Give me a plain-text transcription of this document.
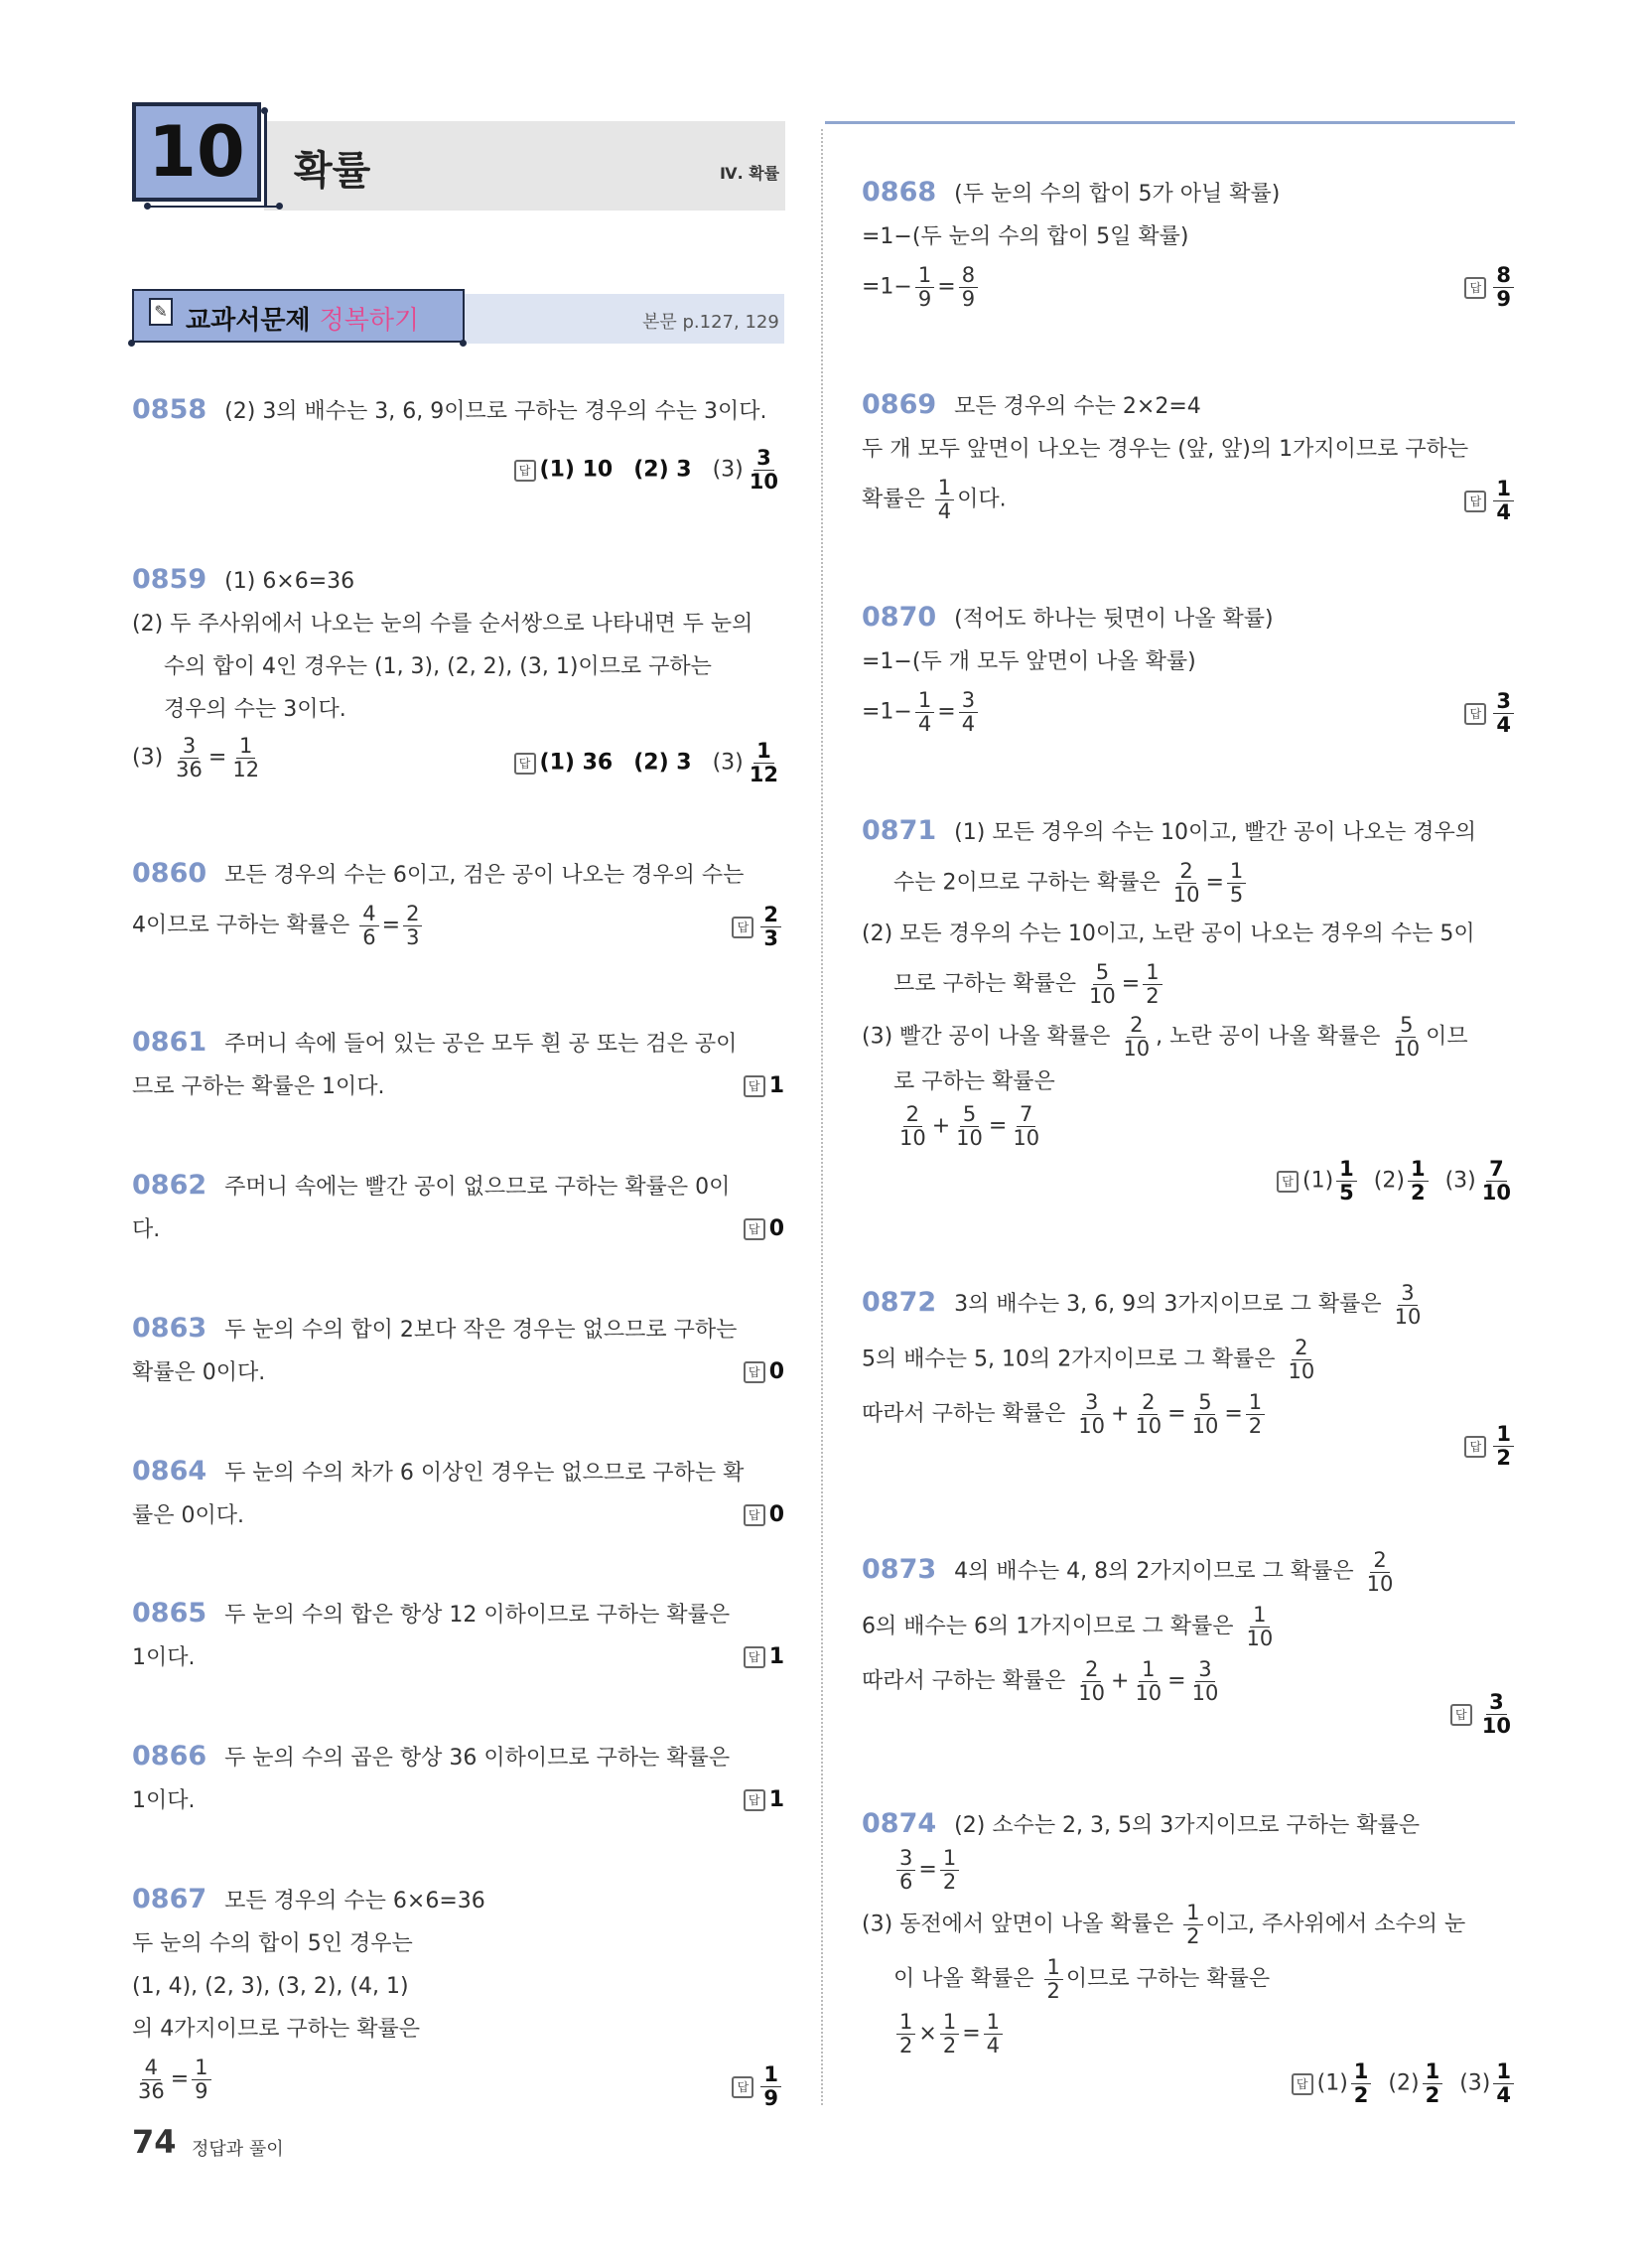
10	확률	Ⅳ. 확률
✎ 교과서문제 정복하기	본문 p.127, 129
0858 (2) 3의 배수는 3, 6, 9이므로 구하는 경우의 수는 3이다.
답 (1) 10 (2) 3 $(3) \frac{3}{10}$
0859 (1) 6×6=36
(2) 두 주사위에서 나오는 눈의 수를 순서쌍으로 나타내면 두 눈의
수의 합이 4인 경우는 (1, 3), (2, 2), (3, 1)이므로 구하는
경우의 수는 3이다.
$(3) \frac{3}{36} = \frac{1}{12}$	답 (1) 36 (2) 3 $(3) \frac{1}{12}$
0860 모든 경우의 수는 6이고, 검은 공이 나오는 경우의 수는
4이므로 구하는 확률은 $\frac{4}{6} = \frac{2}{3}$	답 $\frac{2}{3}$
0861 주머니 속에 들어 있는 공은 모두 흰 공 또는 검은 공이
므로 구하는 확률은 1이다.	답 1
0862 주머니 속에는 빨간 공이 없으므로 구하는 확률은 0이
다.	답 0
0863 두 눈의 수의 합이 2보다 작은 경우는 없으므로 구하는
확률은 0이다.	답 0
0864 두 눈의 수의 차가 6 이상인 경우는 없으므로 구하는 확
률은 0이다.	답 0
0865 두 눈의 수의 합은 항상 12 이하이므로 구하는 확률은
1이다.	답 1
0866 두 눈의 수의 곱은 항상 36 이하이므로 구하는 확률은
1이다.	답 1
0867 모든 경우의 수는 6×6=36
두 눈의 수의 합이 5인 경우는
(1, 4), (2, 3), (3, 2), (4, 1)
의 4가지이므로 구하는 확률은
$\frac{4}{36} = \frac{1}{9}$	답 $\frac{1}{9}$
0868 (두 눈의 수의 합이 5가 아닐 확률)
=1−(두 눈의 수의 합이 5일 확률)
$=1- \frac{1}{9} = \frac{8}{9}$	답 $\frac{8}{9}$
0869 모든 경우의 수는 2×2=4
두 개 모두 앞면이 나오는 경우는 (앞, 앞)의 1가지이므로 구하는
확률은 $\frac{1}{4}$ 이다.	답 $\frac{1}{4}$
0870 (적어도 하나는 뒷면이 나올 확률)
=1−(두 개 모두 앞면이 나올 확률)
$=1- \frac{1}{4} = \frac{3}{4}$	답 $\frac{3}{4}$
0871 (1) 모든 경우의 수는 10이고, 빨간 공이 나오는 경우의
수는 2이므로 구하는 확률은 $\frac{2}{10} = \frac{1}{5}$
(2) 모든 경우의 수는 10이고, 노란 공이 나오는 경우의 수는 5이
므로 구하는 확률은 $\frac{5}{10} = \frac{1}{2}$
(3) 빨간 공이 나올 확률은 $\frac{2}{10}$ , 노란 공이 나올 확률은 $\frac{5}{10}$ 이므
로 구하는 확률은
$\frac{2}{10} + \frac{5}{10} = \frac{7}{10}$
답 $(1) \frac{1}{5} (2) \frac{1}{2} (3) \frac{7}{10}$
0872 3의 배수는 3, 6, 9의 3가지이므로 그 확률은 $\frac{3}{10}$
5의 배수는 5, 10의 2가지이므로 그 확률은 $\frac{2}{10}$
따라서 구하는 확률은 $\frac{3}{10} + \frac{2}{10} = \frac{5}{10} = \frac{1}{2}$
답 $\frac{1}{2}$
0873 4의 배수는 4, 8의 2가지이므로 그 확률은 $\frac{2}{10}$
6의 배수는 6의 1가지이므로 그 확률은 $\frac{1}{10}$
따라서 구하는 확률은 $\frac{2}{10} + \frac{1}{10} = \frac{3}{10}$
답 $\frac{3}{10}$
0874 (2) 소수는 2, 3, 5의 3가지이므로 구하는 확률은
$\frac{3}{6} = \frac{1}{2}$
(3) 동전에서 앞면이 나올 확률은 $\frac{1}{2}$ 이고, 주사위에서 소수의 눈
이 나올 확률은 $\frac{1}{2}$ 이므로 구하는 확률은
$\frac{1}{2} \times \frac{1}{2} = \frac{1}{4}$
답 $(1) \frac{1}{2} (2) \frac{1}{2} (3) \frac{1}{4}$
74 정답과 풀이
